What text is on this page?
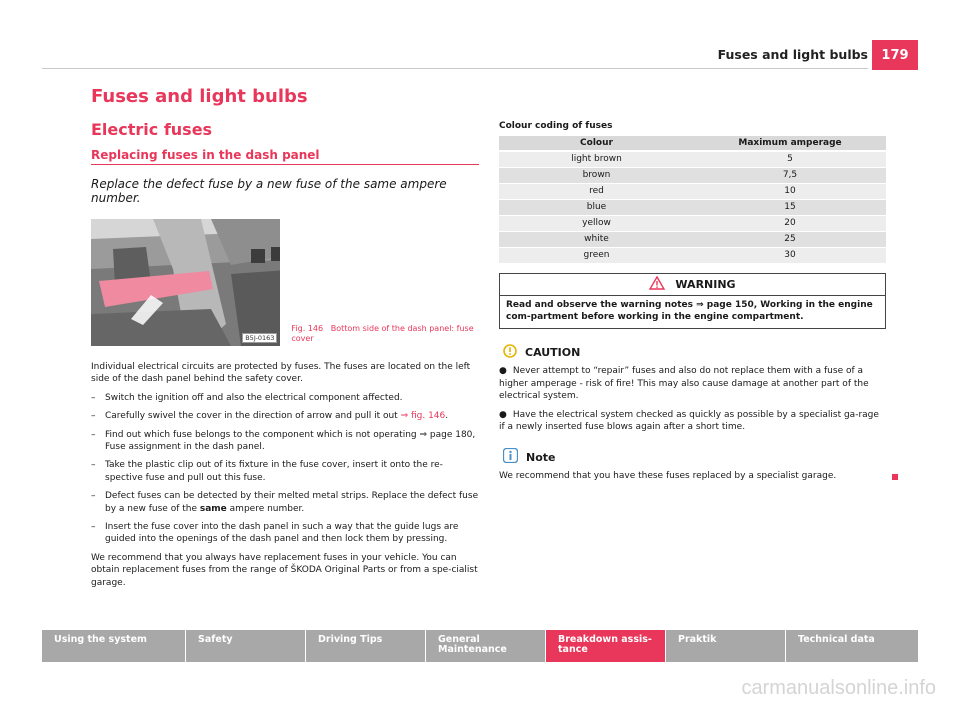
Fuses and light bulbs	179
Fuses and light bulbs
Electric fuses
Replacing fuses in the dash panel
Replace the defect fuse by a new fuse of the same ampere number.
B5J-0163
Fig. 146 Bottom side of the dash panel: fuse cover
Individual electrical circuits are protected by fuses. The fuses are located on the left side of the dash panel behind the safety cover.
– Switch the ignition off and also the electrical component affected.
– Carefully swivel the cover in the direction of arrow and pull it out ⇒ fig. 146.
– Find out which fuse belongs to the component which is not operating ⇒ page 180, Fuse assignment in the dash panel.
– Take the plastic clip out of its fixture in the fuse cover, insert it onto the re-spective fuse and pull out this fuse.
– Defect fuses can be detected by their melted metal strips. Replace the defect fuse by a new fuse of the same ampere number.
– Insert the fuse cover into the dash panel in such a way that the guide lugs are guided into the openings of the dash panel and then lock them by pressing.
We recommend that you always have replacement fuses in your vehicle. You can obtain replacement fuses from the range of ŠKODA Original Parts or from a spe-cialist garage.
Colour coding of fuses
Colour	Maximum amperage
light brown	5
brown	7,5
red	10
blue	15
yellow	20
white	25
green	30
WARNING
Read and observe the warning notes ⇒ page 150, Working in the engine com-partment before working in the engine compartment.
CAUTION
● Never attempt to “repair” fuses and also do not replace them with a fuse of a higher amperage - risk of fire! This may also cause damage at another part of the electrical system.
● Have the electrical system checked as quickly as possible by a specialist ga-rage if a newly inserted fuse blows again after a short time.
Note
We recommend that you have these fuses replaced by a specialist garage.
Using the system	Safety	Driving Tips	General Maintenance
Breakdown assis-tance
Praktik	Technical data
carmanualsonline.info
